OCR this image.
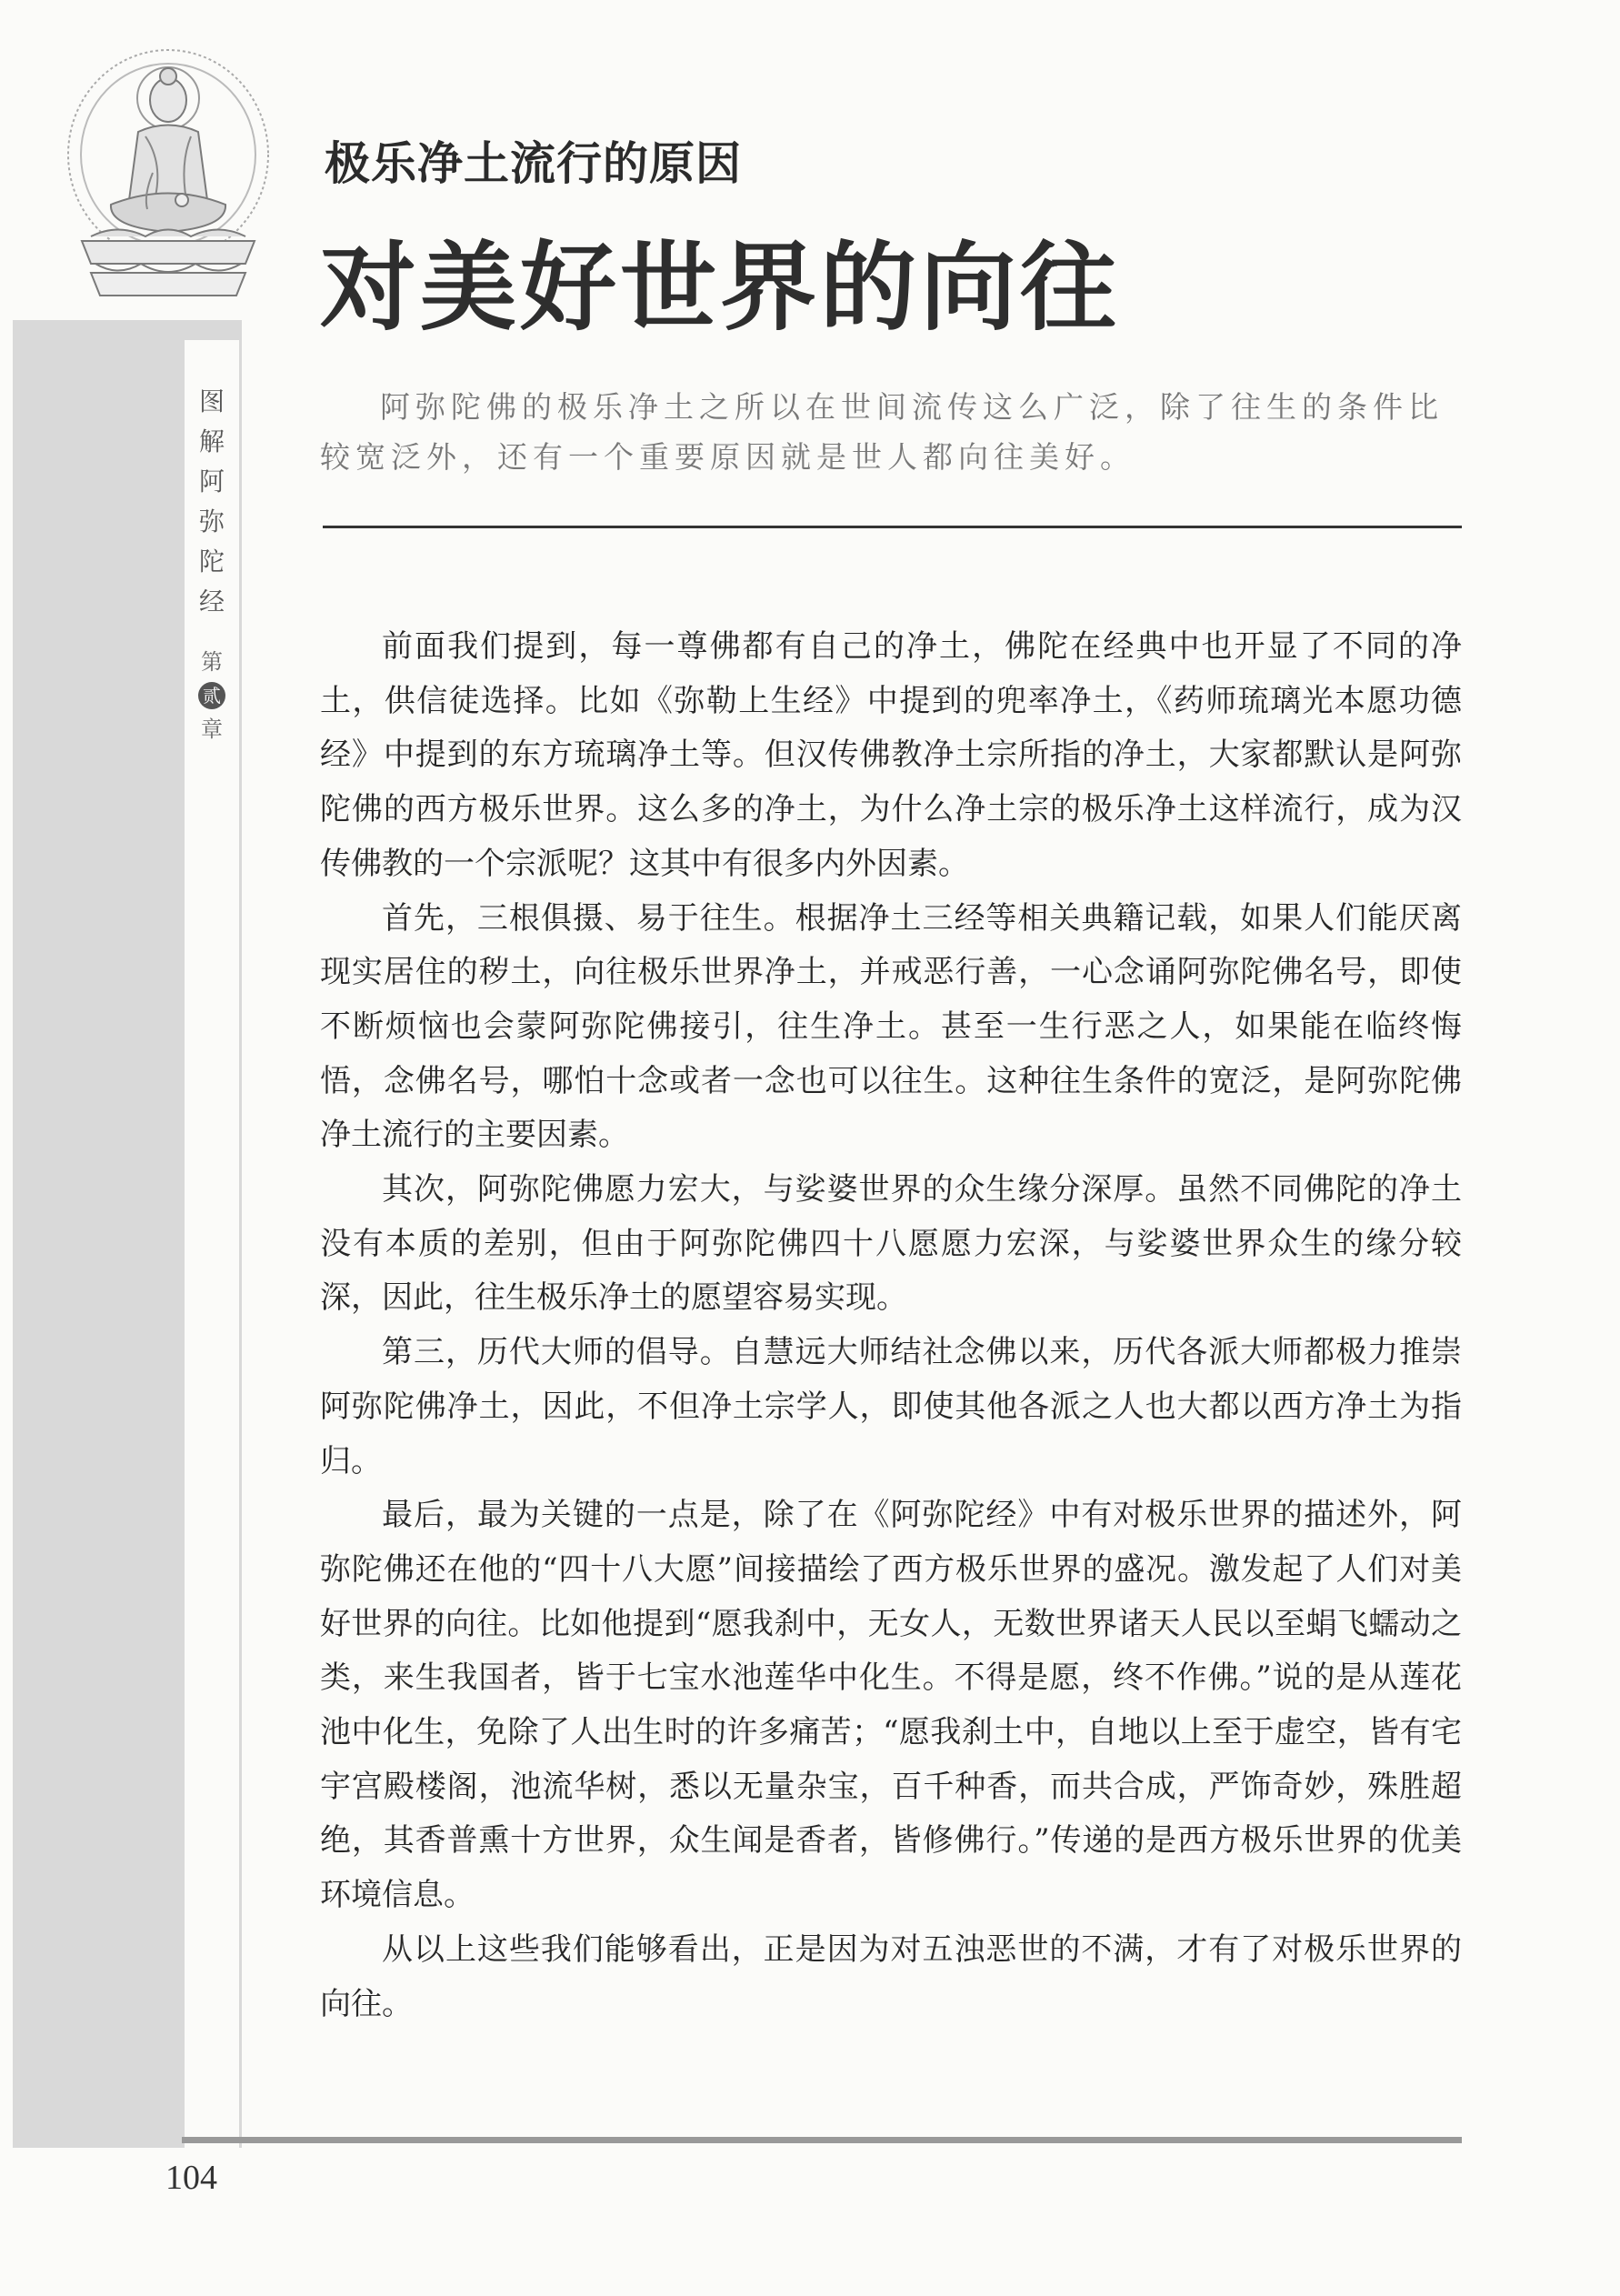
图
解
阿
弥
陀
经
第
贰
章
极乐净土流行的原因
对美好世界的向往
阿弥陀佛的极乐净土之所以在世间流传这么广泛，除了往生的条件比较宽泛外，还有一个重要原因就是世人都向往美好。

前面我们提到，每一尊佛都有自己的净土，佛陀在经典中也开显了不同的净土，供信徒选择。比如《弥勒上生经》中提到的兜率净土，《药师琉璃光本愿功德经》中提到的东方琉璃净土等。但汉传佛教净土宗所指的净土，大家都默认是阿弥陀佛的西方极乐世界。这么多的净土，为什么净土宗的极乐净土这样流行，成为汉传佛教的一个宗派呢？这其中有很多内外因素。

首先，三根俱摄、易于往生。根据净土三经等相关典籍记载，如果人们能厌离现实居住的秽土，向往极乐世界净土，并戒恶行善，一心念诵阿弥陀佛名号，即使不断烦恼也会蒙阿弥陀佛接引，往生净土。甚至一生行恶之人，如果能在临终悔悟，念佛名号，哪怕十念或者一念也可以往生。这种往生条件的宽泛，是阿弥陀佛净土流行的主要因素。

其次，阿弥陀佛愿力宏大，与娑婆世界的众生缘分深厚。虽然不同佛陀的净土没有本质的差别，但由于阿弥陀佛四十八愿愿力宏深，与娑婆世界众生的缘分较深，因此，往生极乐净土的愿望容易实现。

第三，历代大师的倡导。自慧远大师结社念佛以来，历代各派大师都极力推崇阿弥陀佛净土，因此，不但净土宗学人，即使其他各派之人也大都以西方净土为指归。

最后，最为关键的一点是，除了在《阿弥陀经》中有对极乐世界的描述外，阿弥陀佛还在他的“四十八大愿”间接描绘了西方极乐世界的盛况。激发起了人们对美好世界的向往。比如他提到“愿我刹中，无女人，无数世界诸天人民以至蜎飞蠕动之类，来生我国者，皆于七宝水池莲华中化生。不得是愿，终不作佛。”说的是从莲花池中化生，免除了人出生时的许多痛苦；“愿我刹土中，自地以上至于虚空，皆有宅宇宫殿楼阁，池流华树，悉以无量杂宝，百千种香，而共合成，严饰奇妙，殊胜超绝，其香普熏十方世界，众生闻是香者，皆修佛行。”传递的是西方极乐世界的优美环境信息。

从以上这些我们能够看出，正是因为对五浊恶世的不满，才有了对极乐世界的向往。

104
